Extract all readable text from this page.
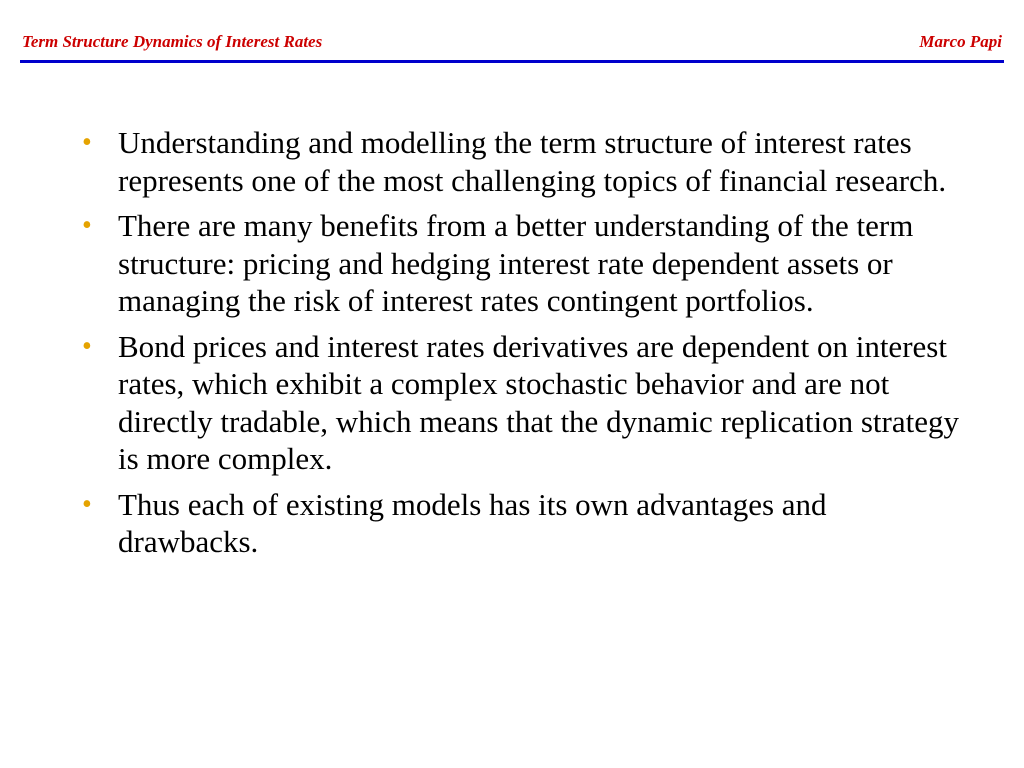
Term Structure Dynamics of Interest Rates	Marco Papi
• Understanding and modelling the term structure of interest rates represents one of the most challenging topics of financial research.
• There are many benefits from a better understanding of the term structure: pricing and hedging interest rate dependent assets or managing the risk of interest rates contingent portfolios.
• Bond prices and interest rates derivatives are dependent on interest rates, which exhibit a complex stochastic behavior and are not directly tradable, which means that the dynamic replication strategy is more complex.
• Thus each of existing models has its own advantages and drawbacks.
